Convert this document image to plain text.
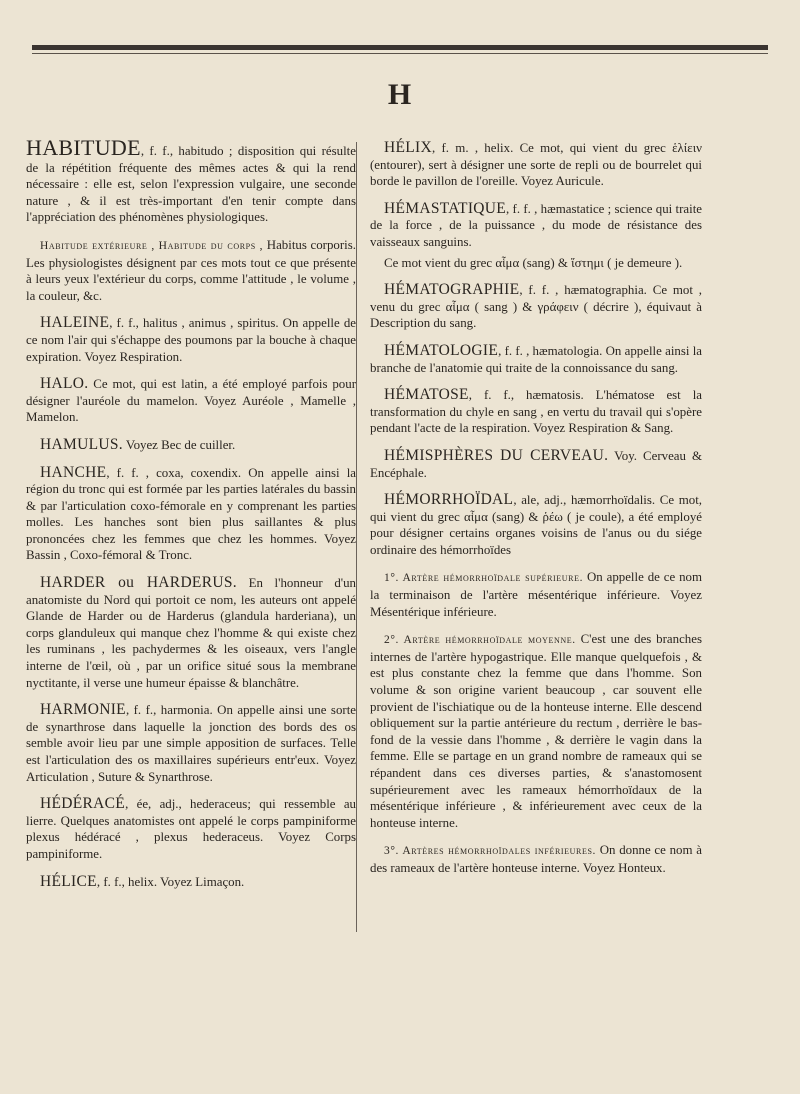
H

HABITUDE, f. f., habitudo ; disposition qui résulte de la répétition fréquente des mêmes actes & qui la rend nécessaire : elle est, selon l'expression vulgaire, une seconde nature , & il est très-important d'en tenir compte dans l'appréciation des phénomènes physiologiques.

Habitude extérieure , Habitude du corps , Habitus corporis. Les physiologistes désignent par ces mots tout ce que présente à leurs yeux l'extérieur du corps, comme l'attitude , le volume , la couleur, &c.

HALEINE, f. f., halitus , animus , spiritus. On appelle de ce nom l'air qui s'échappe des poumons par la bouche à chaque expiration. Voyez Respiration.

HALO. Ce mot, qui est latin, a été employé parfois pour désigner l'auréole du mamelon. Voyez Auréole , Mamelle , Mamelon.

HAMULUS. Voyez Bec de cuiller.

HANCHE, f. f. , coxa, coxendix. On appelle ainsi la région du tronc qui est formée par les parties latérales du bassin & par l'articulation coxo-fémorale en y comprenant les parties molles. Les hanches sont bien plus saillantes & plus prononcées chez les femmes que chez les hommes. Voyez Bassin , Coxo-fémoral & Tronc.

HARDER ou HARDERUS. En l'honneur d'un anatomiste du Nord qui portoit ce nom, les auteurs ont appelé Glande de Harder ou de Harderus (glandula harderiana), un corps glanduleux qui manque chez l'homme & qui existe chez les ruminans , les pachydermes & les oiseaux, vers l'angle interne de l'œil, où , par un orifice situé sous la membrane nyctitante, il verse une humeur épaisse & blanchâtre.

HARMONIE, f. f., harmonia. On appelle ainsi une sorte de synarthrose dans laquelle la jonction des bords des os semble avoir lieu par une simple apposition de surfaces. Telle est l'articulation des os maxillaires supérieurs entr'eux. Voyez Articulation , Suture & Synarthrose.

HÉDÉRACÉ, ée, adj., hederaceus; qui ressemble au lierre. Quelques anatomistes ont appelé le corps pampiniforme plexus hédéracé , plexus hederaceus. Voyez Corps pampiniforme.

HÉLICE, f. f., helix. Voyez Limaçon.

HÉLIX, f. m. , helix. Ce mot, qui vient du grec ἑλίειν (entourer), sert à désigner une sorte de repli ou de bourrelet qui borde le pavillon de l'oreille. Voyez Auricule.

HÉMASTATIQUE, f. f. , hæmastatice ; science qui traite de la force , de la puissance , du mode de résistance des vaisseaux sanguins.

Ce mot vient du grec αἷμα (sang) & ἵστημι ( je demeure ).

HÉMATOGRAPHIE, f. f. , hæmatographia. Ce mot , venu du grec αἷμα ( sang ) & γράφειν ( décrire ), équivaut à Description du sang.

HÉMATOLOGIE, f. f. , hæmatologia. On appelle ainsi la branche de l'anatomie qui traite de la connoissance du sang.

HÉMATOSE, f. f., hæmatosis. L'hématose est la transformation du chyle en sang , en vertu du travail qui s'opère pendant l'acte de la respiration. Voyez Respiration & Sang.

HÉMISPHÈRES DU CERVEAU. Voy. Cerveau & Encéphale.

HÉMORRHOÏDAL, ale, adj., hæmorrhoïdalis. Ce mot, qui vient du grec αἷμα (sang) & ῥέω ( je coule), a été employé pour désigner certains organes voisins de l'anus ou du siége ordinaire des hémorrhoïdes

1°. Artère hémorrhoïdale supérieure. On appelle de ce nom la terminaison de l'artère mésentérique inférieure. Voyez Mésentérique inférieure.

2°. Artère hémorrhoïdale moyenne. C'est une des branches internes de l'artère hypogastrique. Elle manque quelquefois , & est plus constante chez la femme que dans l'homme. Son volume & son origine varient beaucoup , car souvent elle provient de l'ischiatique ou de la honteuse interne. Elle descend obliquement sur la partie antérieure du rectum , derrière le bas-fond de la vessie dans l'homme , & derrière le vagin dans la femme. Elle se partage en un grand nombre de rameaux qui se répandent dans ces diverses parties, & s'anastomosent supérieurement avec les rameaux hémorrhoïdaux de la mésentérique inférieure , & inférieurement avec ceux de la honteuse interne.

3°. Artères hémorrhoïdales inférieures. On donne ce nom à des rameaux de l'artère honteuse interne. Voyez Honteux.
